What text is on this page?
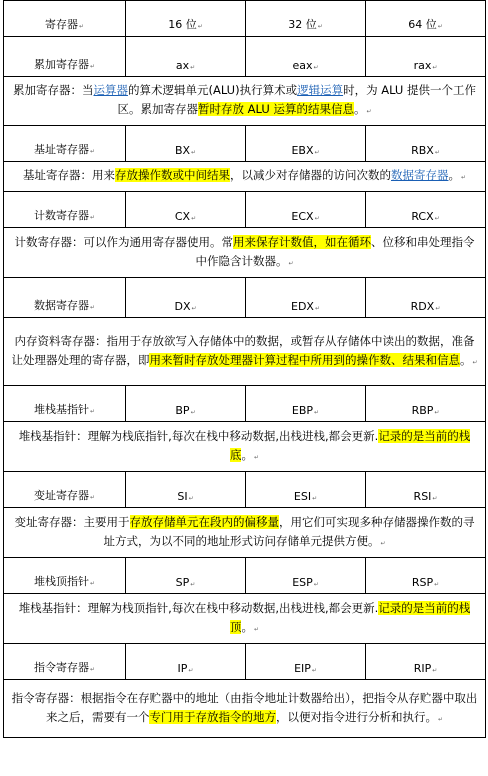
寄存器↵	16 位↵	32 位↵	64 位↵
累加寄存器↵	ax↵	eax↵	rax↵
累加寄存器：当运算器的算术逻辑单元(ALU)执行算术或逻辑运算时，为 ALU 提供一个工作区。累加寄存器暂时存放 ALU 运算的结果信息。↵			
基址寄存器↵	BX↵	EBX↵	RBX↵
基址寄存器：用来存放操作数或中间结果，以减少对存储器的访问次数的数据寄存器。↵			
计数寄存器↵	CX↵	ECX↵	RCX↵
计数寄存器：可以作为通用寄存器使用。常用来保存计数值，如在循环、位移和串处理指令中作隐含计数器。↵			
数据寄存器↵	DX↵	EDX↵	RDX↵
内存资料寄存器：指用于存放欲写入存储体中的数据，或暂存从存储体中读出的数据，准备让处理器处理的寄存器，即用来暂时存放处理器计算过程中所用到的操作数、结果和信息。↵			
堆栈基指针↵	BP↵	EBP↵	RBP↵
堆栈基指针：理解为栈底指针,每次在栈中移动数据,出栈进栈,都会更新.记录的是当前的栈底。↵			
变址寄存器↵	SI↵	ESI↵	RSI↵
变址寄存器：主要用于存放存储单元在段内的偏移量，用它们可实现多种存储器操作数的寻址方式，为以不同的地址形式访问存储单元提供方便。↵			
堆栈顶指针↵	SP↵	ESP↵	RSP↵
堆栈基指针：理解为栈顶指针,每次在栈中移动数据,出栈进栈,都会更新.记录的是当前的栈顶。↵			
指令寄存器↵	IP↵	EIP↵	RIP↵
指令寄存器：根据指令在存贮器中的地址（由指令地址计数器给出），把指令从存贮器中取出来之后，需要有一个专门用于存放指令的地方，以便对指令进行分析和执行。↵			
